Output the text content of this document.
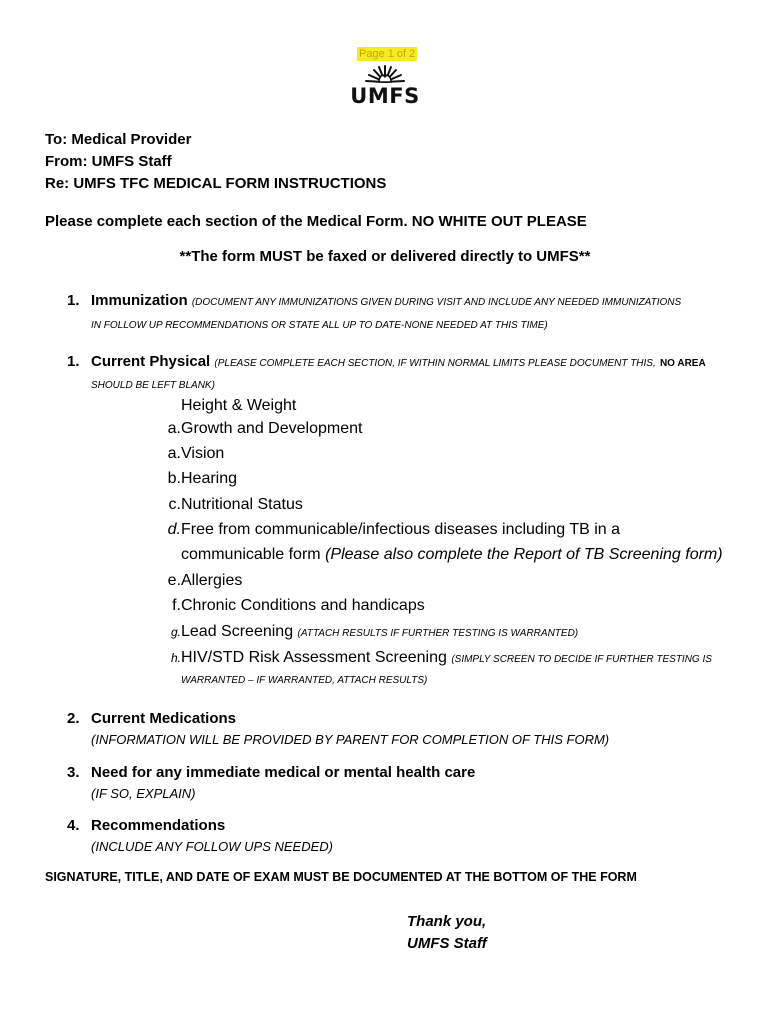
Page 1 of 2
UMFS
To: Medical Provider
From: UMFS Staff
Re: UMFS TFC MEDICAL FORM INSTRUCTIONS
Please complete each section of the Medical Form. NO WHITE OUT PLEASE
**The form MUST be faxed or delivered directly to UMFS**
1. Immunization (DOCUMENT ANY IMMUNIZATIONS GIVEN DURING VISIT AND INCLUDE ANY NEEDED IMMUNIZATIONS
IN FOLLOW UP RECOMMENDATIONS OR STATE ALL UP TO DATE-NONE NEEDED AT THIS TIME)
1. Current Physical (PLEASE COMPLETE EACH SECTION, IF WITHIN NORMAL LIMITS PLEASE DOCUMENT THIS, NO AREA
SHOULD BE LEFT BLANK)
Height & Weight
a. Growth and Development
a. Vision
b. Hearing
c. Nutritional Status
d. Free from communicable/infectious diseases including TB in a
communicable form (Please also complete the Report of TB Screening form)
e. Allergies
f. Chronic Conditions and handicaps
g. Lead Screening (ATTACH RESULTS IF FURTHER TESTING IS WARRANTED)
h. HIV/STD Risk Assessment Screening (SIMPLY SCREEN TO DECIDE IF FURTHER TESTING IS
WARRANTED – IF WARRANTED, ATTACH RESULTS)
2. Current Medications
(INFORMATION WILL BE PROVIDED BY PARENT FOR COMPLETION OF THIS FORM)
3. Need for any immediate medical or mental health care
(IF SO, EXPLAIN)
4. Recommendations
(INCLUDE ANY FOLLOW UPS NEEDED)
SIGNATURE, TITLE, AND DATE OF EXAM MUST BE DOCUMENTED AT THE BOTTOM OF THE FORM
Thank you,
UMFS Staff
